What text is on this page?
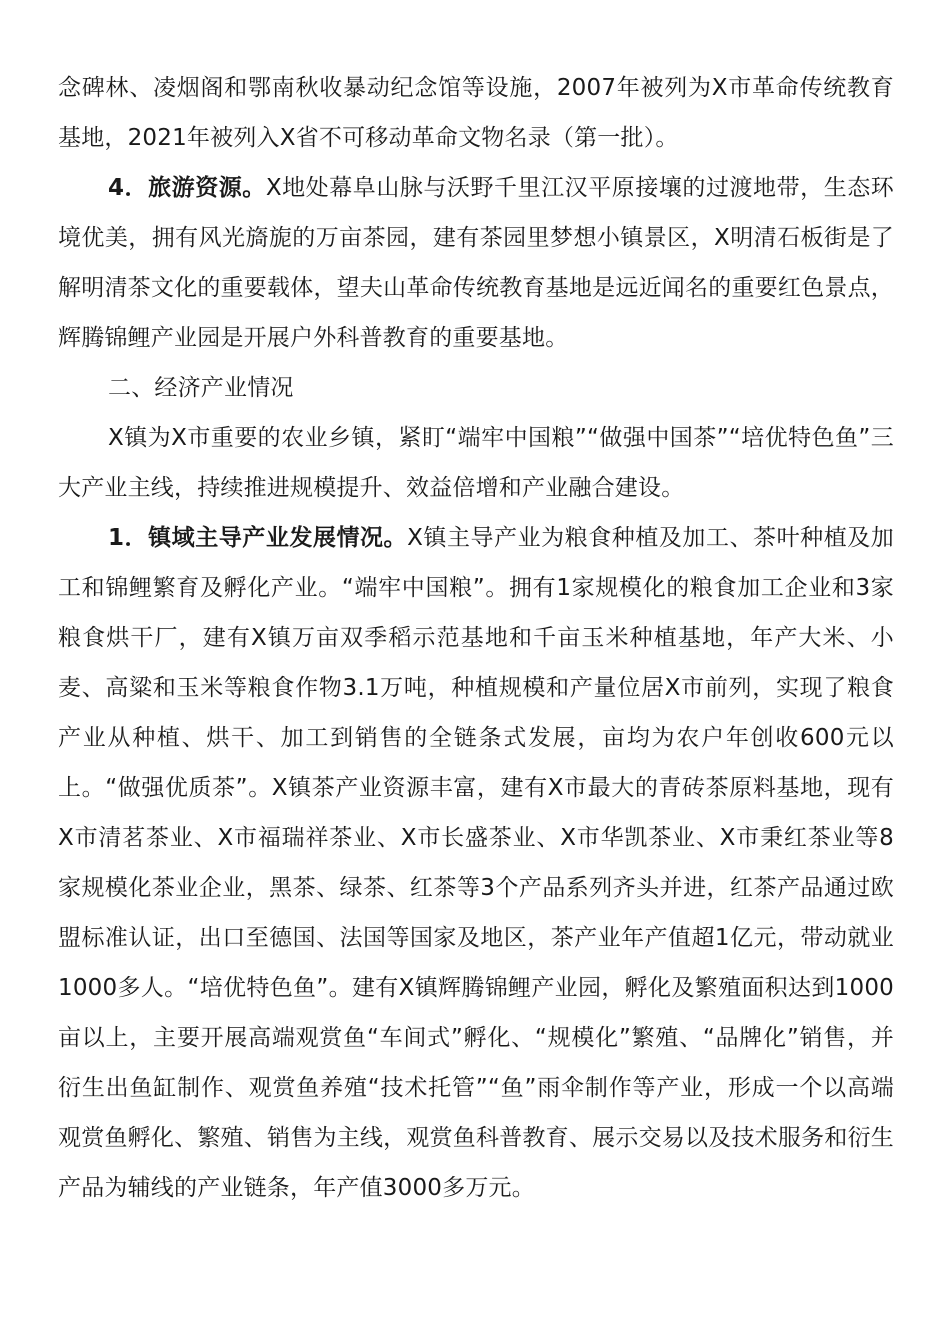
念碑林、凌烟阁和鄂南秋收暴动纪念馆等设施，2007年被列为X市革命传统教育基地，2021年被列入X省不可移动革命文物名录（第一批）。

4．旅游资源。X地处幕阜山脉与沃野千里江汉平原接壤的过渡地带，生态环境优美，拥有风光旖旎的万亩茶园，建有茶园里梦想小镇景区，X明清石板街是了解明清茶文化的重要载体，望夫山革命传统教育基地是远近闻名的重要红色景点，辉腾锦鲤产业园是开展户外科普教育的重要基地。

二、经济产业情况

X镇为X市重要的农业乡镇，紧盯“端牢中国粮”“做强中国茶”“培优特色鱼”三大产业主线，持续推进规模提升、效益倍增和产业融合建设。

1．镇域主导产业发展情况。X镇主导产业为粮食种植及加工、茶叶种植及加工和锦鲤繁育及孵化产业。“端牢中国粮”。拥有1家规模化的粮食加工企业和3家粮食烘干厂，建有X镇万亩双季稻示范基地和千亩玉米种植基地，年产大米、小麦、高粱和玉米等粮食作物3.1万吨，种植规模和产量位居X市前列，实现了粮食产业从种植、烘干、加工到销售的全链条式发展，亩均为农户年创收600元以上。“做强优质茶”。X镇茶产业资源丰富，建有X市最大的青砖茶原料基地，现有X市清茗茶业、X市福瑞祥茶业、X市长盛茶业、X市华凯茶业、X市秉红茶业等8家规模化茶业企业，黑茶、绿茶、红茶等3个产品系列齐头并进，红茶产品通过欧盟标准认证，出口至德国、法国等国家及地区，茶产业年产值超1亿元，带动就业1000多人。“培优特色鱼”。建有X镇辉腾锦鲤产业园，孵化及繁殖面积达到1000亩以上，主要开展高端观赏鱼“车间式”孵化、“规模化”繁殖、“品牌化”销售，并衍生出鱼缸制作、观赏鱼养殖“技术托管”“鱼”雨伞制作等产业，形成一个以高端观赏鱼孵化、繁殖、销售为主线，观赏鱼科普教育、展示交易以及技术服务和衍生产品为辅线的产业链条，年产值3000多万元。
